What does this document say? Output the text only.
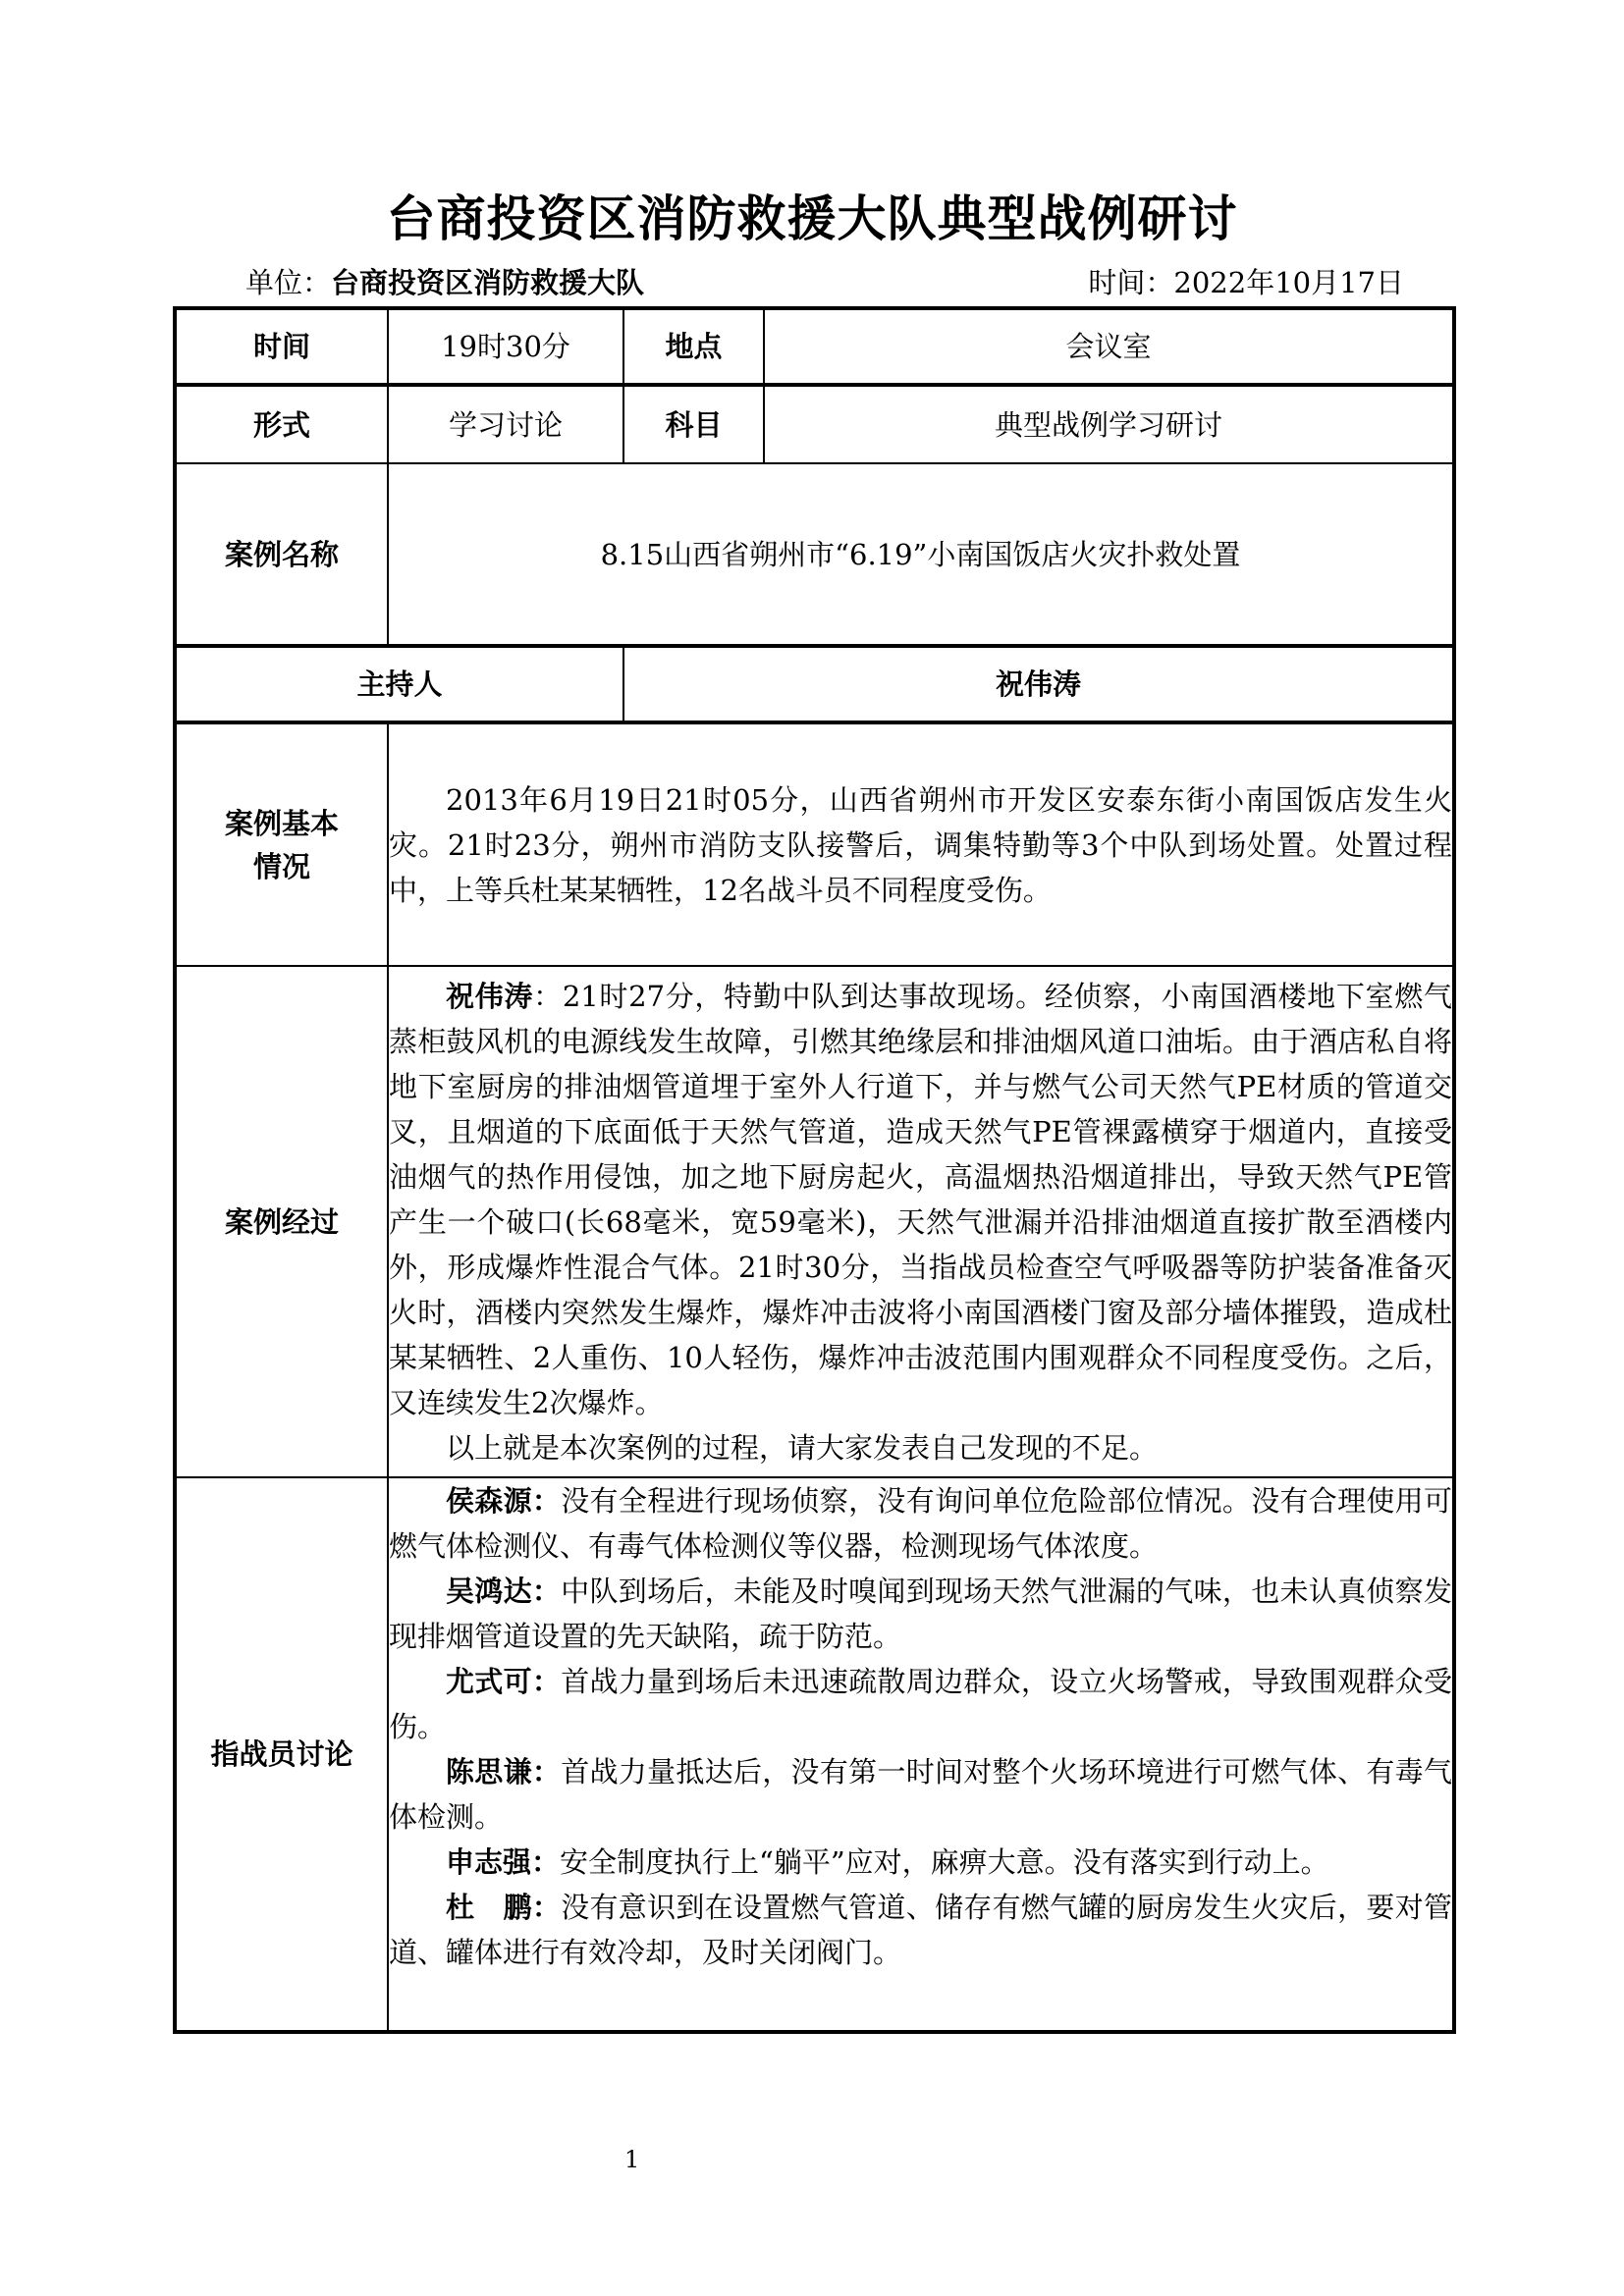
台商投资区消防救援大队典型战例研讨
单位：台商投资区消防救援大队	时间：2022年10月17日
时间	19时30分	地点	会议室
形式	学习讨论	科目	典型战例学习研讨
案例名称	8.15山西省朔州市“6.19”小南国饭店火灾扑救处置		
主持人		祝伟涛	

案例基本
情况	2013年6月19日21时05分，山西省朔州市开发区安泰东街小南国饭店发生火灾。21时23分，朔州市消防支队接警后，调集特勤等3个中队到场处置。处置过程中，上等兵杜某某牺牲，12名战斗员不同程度受伤。		

案例经过	祝伟涛：21时27分，特勤中队到达事故现场。经侦察，小南国酒楼地下室燃气蒸柜鼓风机的电源线发生故障，引燃其绝缘层和排油烟风道口油垢。由于酒店私自将地下室厨房的排油烟管道埋于室外人行道下，并与燃气公司天然气PE材质的管道交叉，且烟道的下底面低于天然气管道，造成天然气PE管裸露横穿于烟道内，直接受油烟气的热作用侵蚀，加之地下厨房起火，高温烟热沿烟道排出，导致天然气PE管产生一个破口(长68毫米，宽59毫米)，天然气泄漏并沿排油烟道直接扩散至酒楼内外，形成爆炸性混合气体。21时30分，当指战员检查空气呼吸器等防护装备准备灭火时，酒楼内突然发生爆炸，爆炸冲击波将小南国酒楼门窗及部分墙体摧毁，造成杜某某牺牲、2人重伤、10人轻伤，爆炸冲击波范围内围观群众不同程度受伤。之后，又连续发生2次爆炸。

以上就是本次案例的过程，请大家发表自己发现的不足。		

指战员讨论	

侯森源：没有全程进行现场侦察，没有询问单位危险部位情况。没有合理使用可燃气体检测仪、有毒气体检测仪等仪器，检测现场气体浓度。

吴鸿达：中队到场后，未能及时嗅闻到现场天然气泄漏的气味，也未认真侦察发现排烟管道设置的先天缺陷，疏于防范。

尤式可：首战力量到场后未迅速疏散周边群众，设立火场警戒，导致围观群众受伤。

陈思谦：首战力量抵达后，没有第一时间对整个火场环境进行可燃气体、有毒气体检测。

申志强：安全制度执行上“躺平”应对，麻痹大意。没有落实到行动上。

杜　鹏：没有意识到在设置燃气管道、储存有燃气罐的厨房发生火灾后，要对管道、罐体进行有效冷却，及时关闭阀门。

1
